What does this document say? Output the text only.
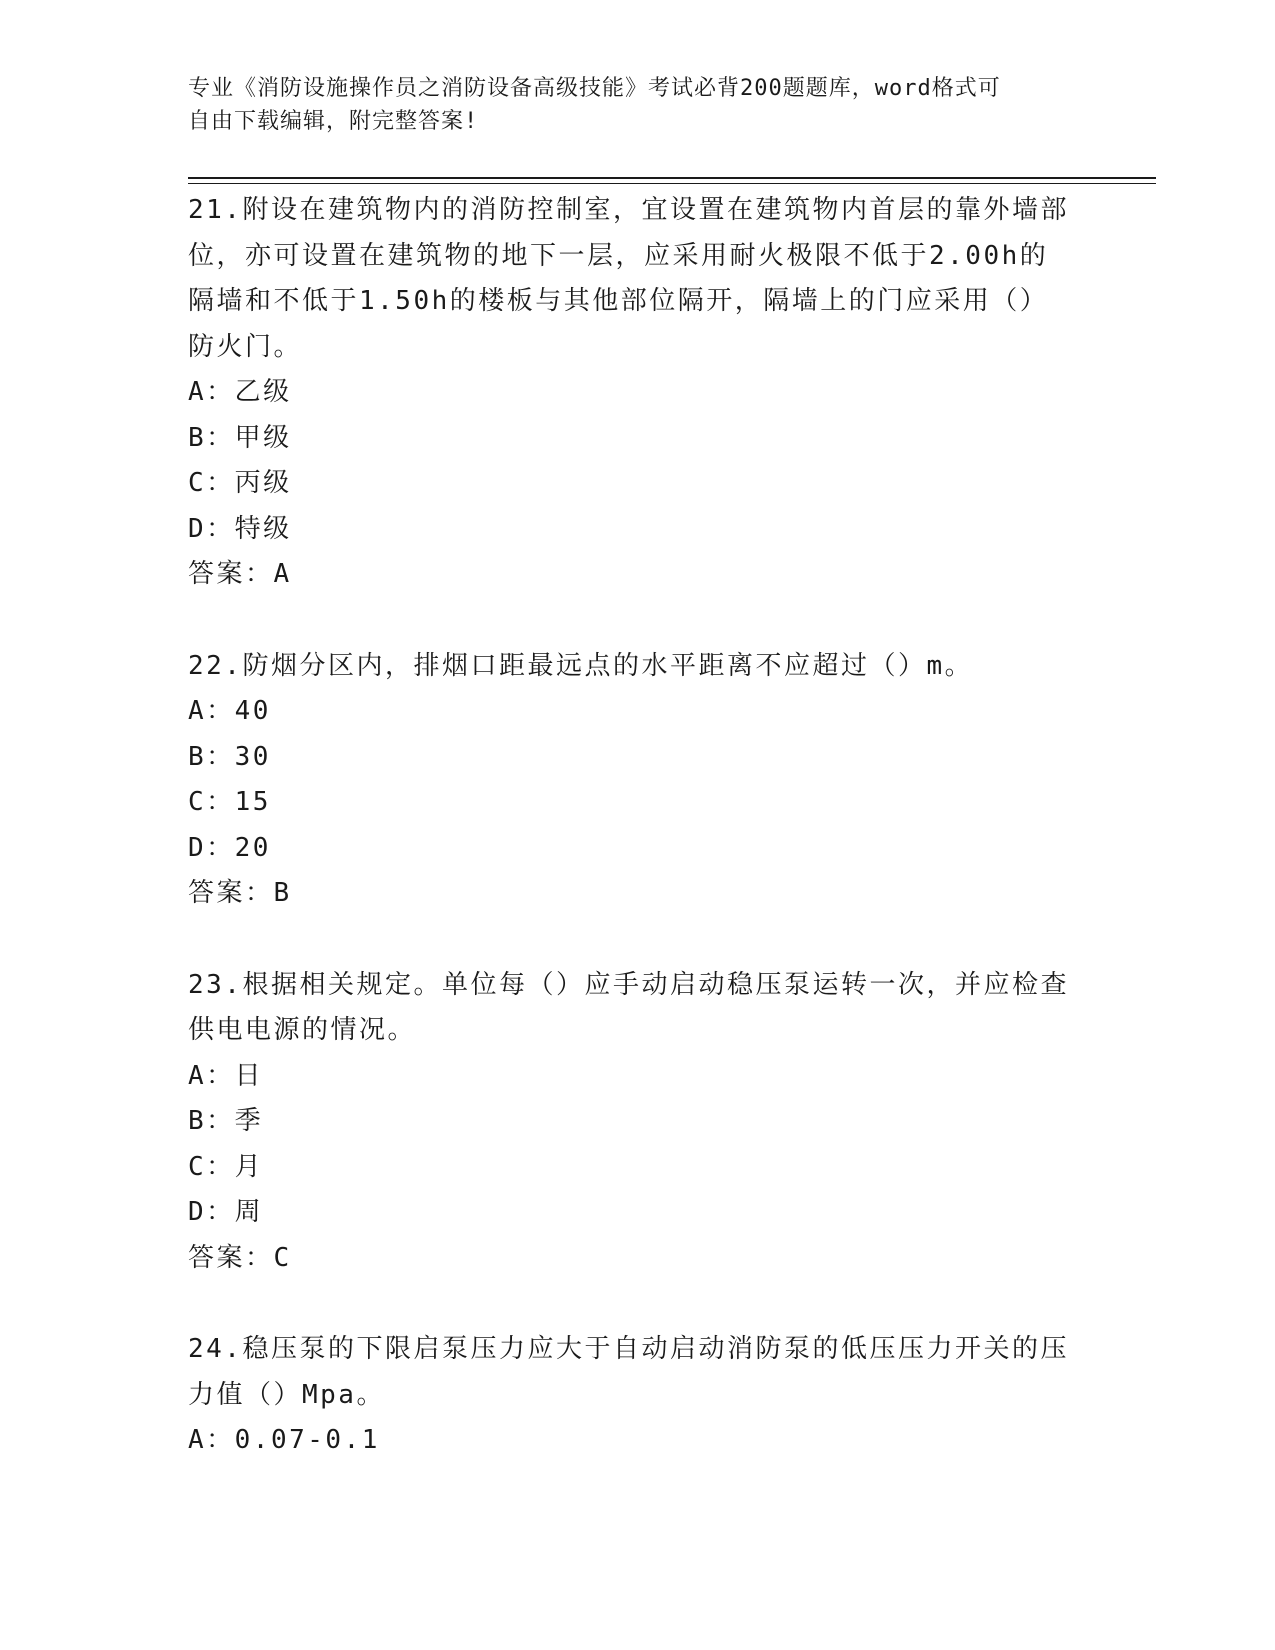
专业《消防设施操作员之消防设备高级技能》考试必背200题题库，word格式可
自由下载编辑，附完整答案!

21.附设在建筑物内的消防控制室，宜设置在建筑物内首层的靠外墙部

位，亦可设置在建筑物的地下一层，应采用耐火极限不低于2.00h的

隔墙和不低于1.50h的楼板与其他部位隔开，隔墙上的门应采用（）

防火门。

A：乙级

B：甲级

C：丙级

D：特级

答案：A

22.防烟分区内，排烟口距最远点的水平距离不应超过（）m。

A：40

B：30

C：15

D：20

答案：B

23.根据相关规定。单位每（）应手动启动稳压泵运转一次，并应检查

供电电源的情况。

A：日

B：季

C：月

D：周

答案：C

24.稳压泵的下限启泵压力应大于自动启动消防泵的低压压力开关的压

力值（）Mpa。

A：0.07-0.1
